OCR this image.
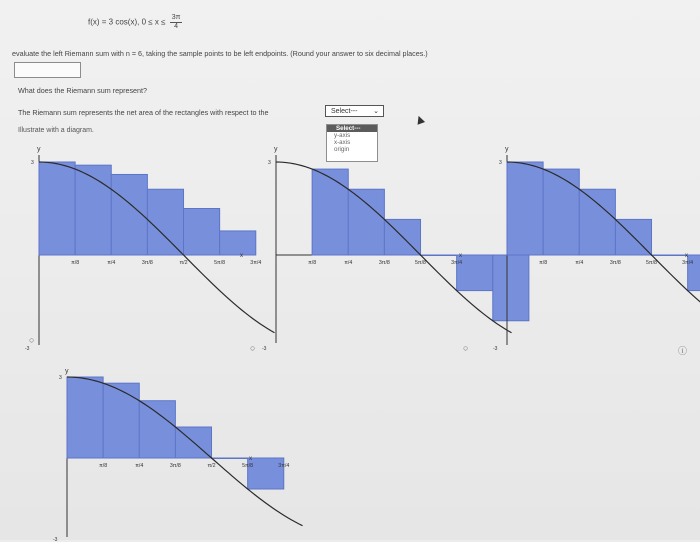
f(x) = 3 cos(x), $0 \le x \le \frac{3\pi}{4}$
evaluate the left Riemann sum with n = 6, taking the sample points to be left endpoints. (Round your answer to six decimal places.)
What does the Riemann sum represent?
The Riemann sum represents the net area of the rectangles with respect to the	Select--- ⌄
Select---
y-axis
x-axis
origin
Illustrate with a diagram.
π/8	π/4	3π/8	π/2	5π/8	3π/4
x
y
3
-3
π/8	π/4	3π/8	5π/8	3π/4
x
y
3
-3
π/8	π/4	3π/8	5π/8	3π/4
x
y
3
-3
π/8	π/4	3π/8	π/2	5π/8	3π/4
x
y
3
-3
○
○	○	ⓘ
